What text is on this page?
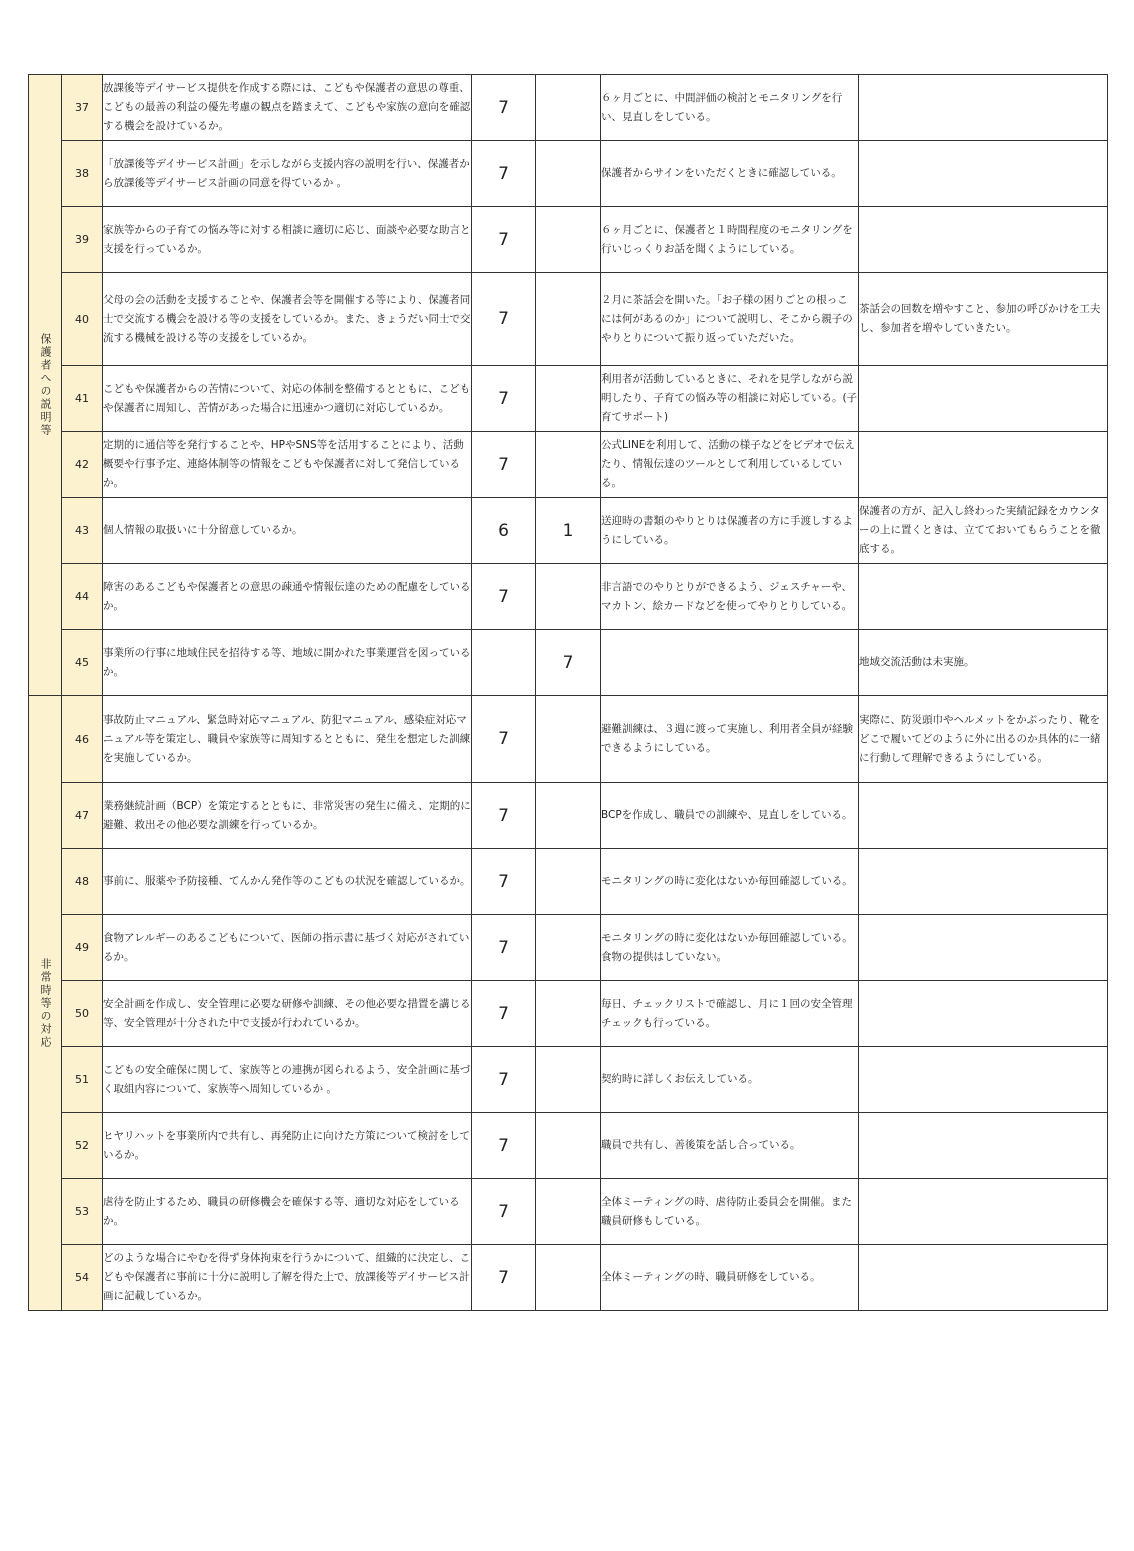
保護者への説明等	37	放課後等デイサービス提供を作成する際には、こどもや保護者の意思の尊重、こどもの最善の利益の優先考慮の観点を踏まえて、こどもや家族の意向を確認する機会を設けているか。	7		６ヶ月ごとに、中間評価の検討とモニタリングを行い、見直しをしている。	
	38	「放課後等デイサービス計画」を示しながら支援内容の説明を行い、保護者から放課後等デイサービス計画の同意を得ているか 。	7		保護者からサインをいただくときに確認している。	
	39	家族等からの子育ての悩み等に対する相談に適切に応じ、面談や必要な助言と支援を行っているか。	7		６ヶ月ごとに、保護者と１時間程度のモニタリングを行いじっくりお話を聞くようにしている。	
	40	父母の会の活動を支援することや、保護者会等を開催する等により、保護者同士で交流する機会を設ける等の支援をしているか。また、きょうだい同士で交流する機械を設ける等の支援をしているか。	7		２月に茶話会を開いた。「お子様の困りごとの根っこには何があるのか」について説明し、そこから親子のやりとりについて振り返っていただいた。	茶話会の回数を増やすこと、参加の呼びかけを工夫し、参加者を増やしていきたい。
	41	こどもや保護者からの苦情について、対応の体制を整備するとともに、こどもや保護者に周知し、苦情があった場合に迅速かつ適切に対応しているか。	7		利用者が活動しているときに、それを見学しながら説明したり、子育ての悩み等の相談に対応している。(子育てサポート)	
	42	定期的に通信等を発行することや、HPやSNS等を活用することにより、活動概要や行事予定、連絡体制等の情報をこどもや保護者に対して発信しているか。	7		公式LINEを利用して、活動の様子などをビデオで伝えたり、情報伝達のツールとして利用しているしている。	
	43	個人情報の取扱いに十分留意しているか。	6	1	送迎時の書類のやりとりは保護者の方に手渡しするようにしている。	保護者の方が、記入し終わった実績記録をカウンターの上に置くときは、立てておいてもらうことを徹底する。
	44	障害のあるこどもや保護者との意思の疎通や情報伝達のための配慮をしているか。	7		非言語でのやりとりができるよう、ジェスチャーや、マカトン、絵カードなどを使ってやりとりしている。	
	45	事業所の行事に地域住民を招待する等、地域に開かれた事業運営を図っているか。		7		地域交流活動は未実施。
非常時等の対応	46	事故防止マニュアル、緊急時対応マニュアル、防犯マニュアル、感染症対応マニュアル等を策定し、職員や家族等に周知するとともに、発生を想定した訓練を実施しているか。	7		避難訓練は、３週に渡って実施し、利用者全員が経験できるようにしている。	実際に、防災頭巾やヘルメットをかぶったり、靴をどこで履いてどのように外に出るのか具体的に一緒に行動して理解できるようにしている。
	47	業務継続計画（BCP）を策定するとともに、非常災害の発生に備え、定期的に避難、救出その他必要な訓練を行っているか。	7		BCPを作成し、職員での訓練や、見直しをしている。	
	48	事前に、服薬や予防接種、てんかん発作等のこどもの状況を確認しているか。	7		モニタリングの時に変化はないか毎回確認している。	
	49	食物アレルギーのあるこどもについて、医師の指示書に基づく対応がされているか。	7		モニタリングの時に変化はないか毎回確認している。食物の提供はしていない。	
	50	安全計画を作成し、安全管理に必要な研修や訓練、その他必要な措置を講じる等、安全管理が十分された中で支援が行われているか。	7		毎日、チェックリストで確認し、月に１回の安全管理チェックも行っている。	
	51	こどもの安全確保に関して、家族等との連携が図られるよう、安全計画に基づく取組内容について、家族等へ周知しているか 。	7		契約時に詳しくお伝えしている。	
	52	ヒヤリハットを事業所内で共有し、再発防止に向けた方策について検討をしているか。	7		職員で共有し、善後策を話し合っている。	
	53	虐待を防止するため、職員の研修機会を確保する等、適切な対応をしているか。	7		全体ミーティングの時、虐待防止委員会を開催。また職員研修もしている。	
	54	どのような場合にやむを得ず身体拘束を行うかについて、組織的に決定し、こどもや保護者に事前に十分に説明し了解を得た上で、放課後等デイサービス計画に記載しているか。	7		全体ミーティングの時、職員研修をしている。	
